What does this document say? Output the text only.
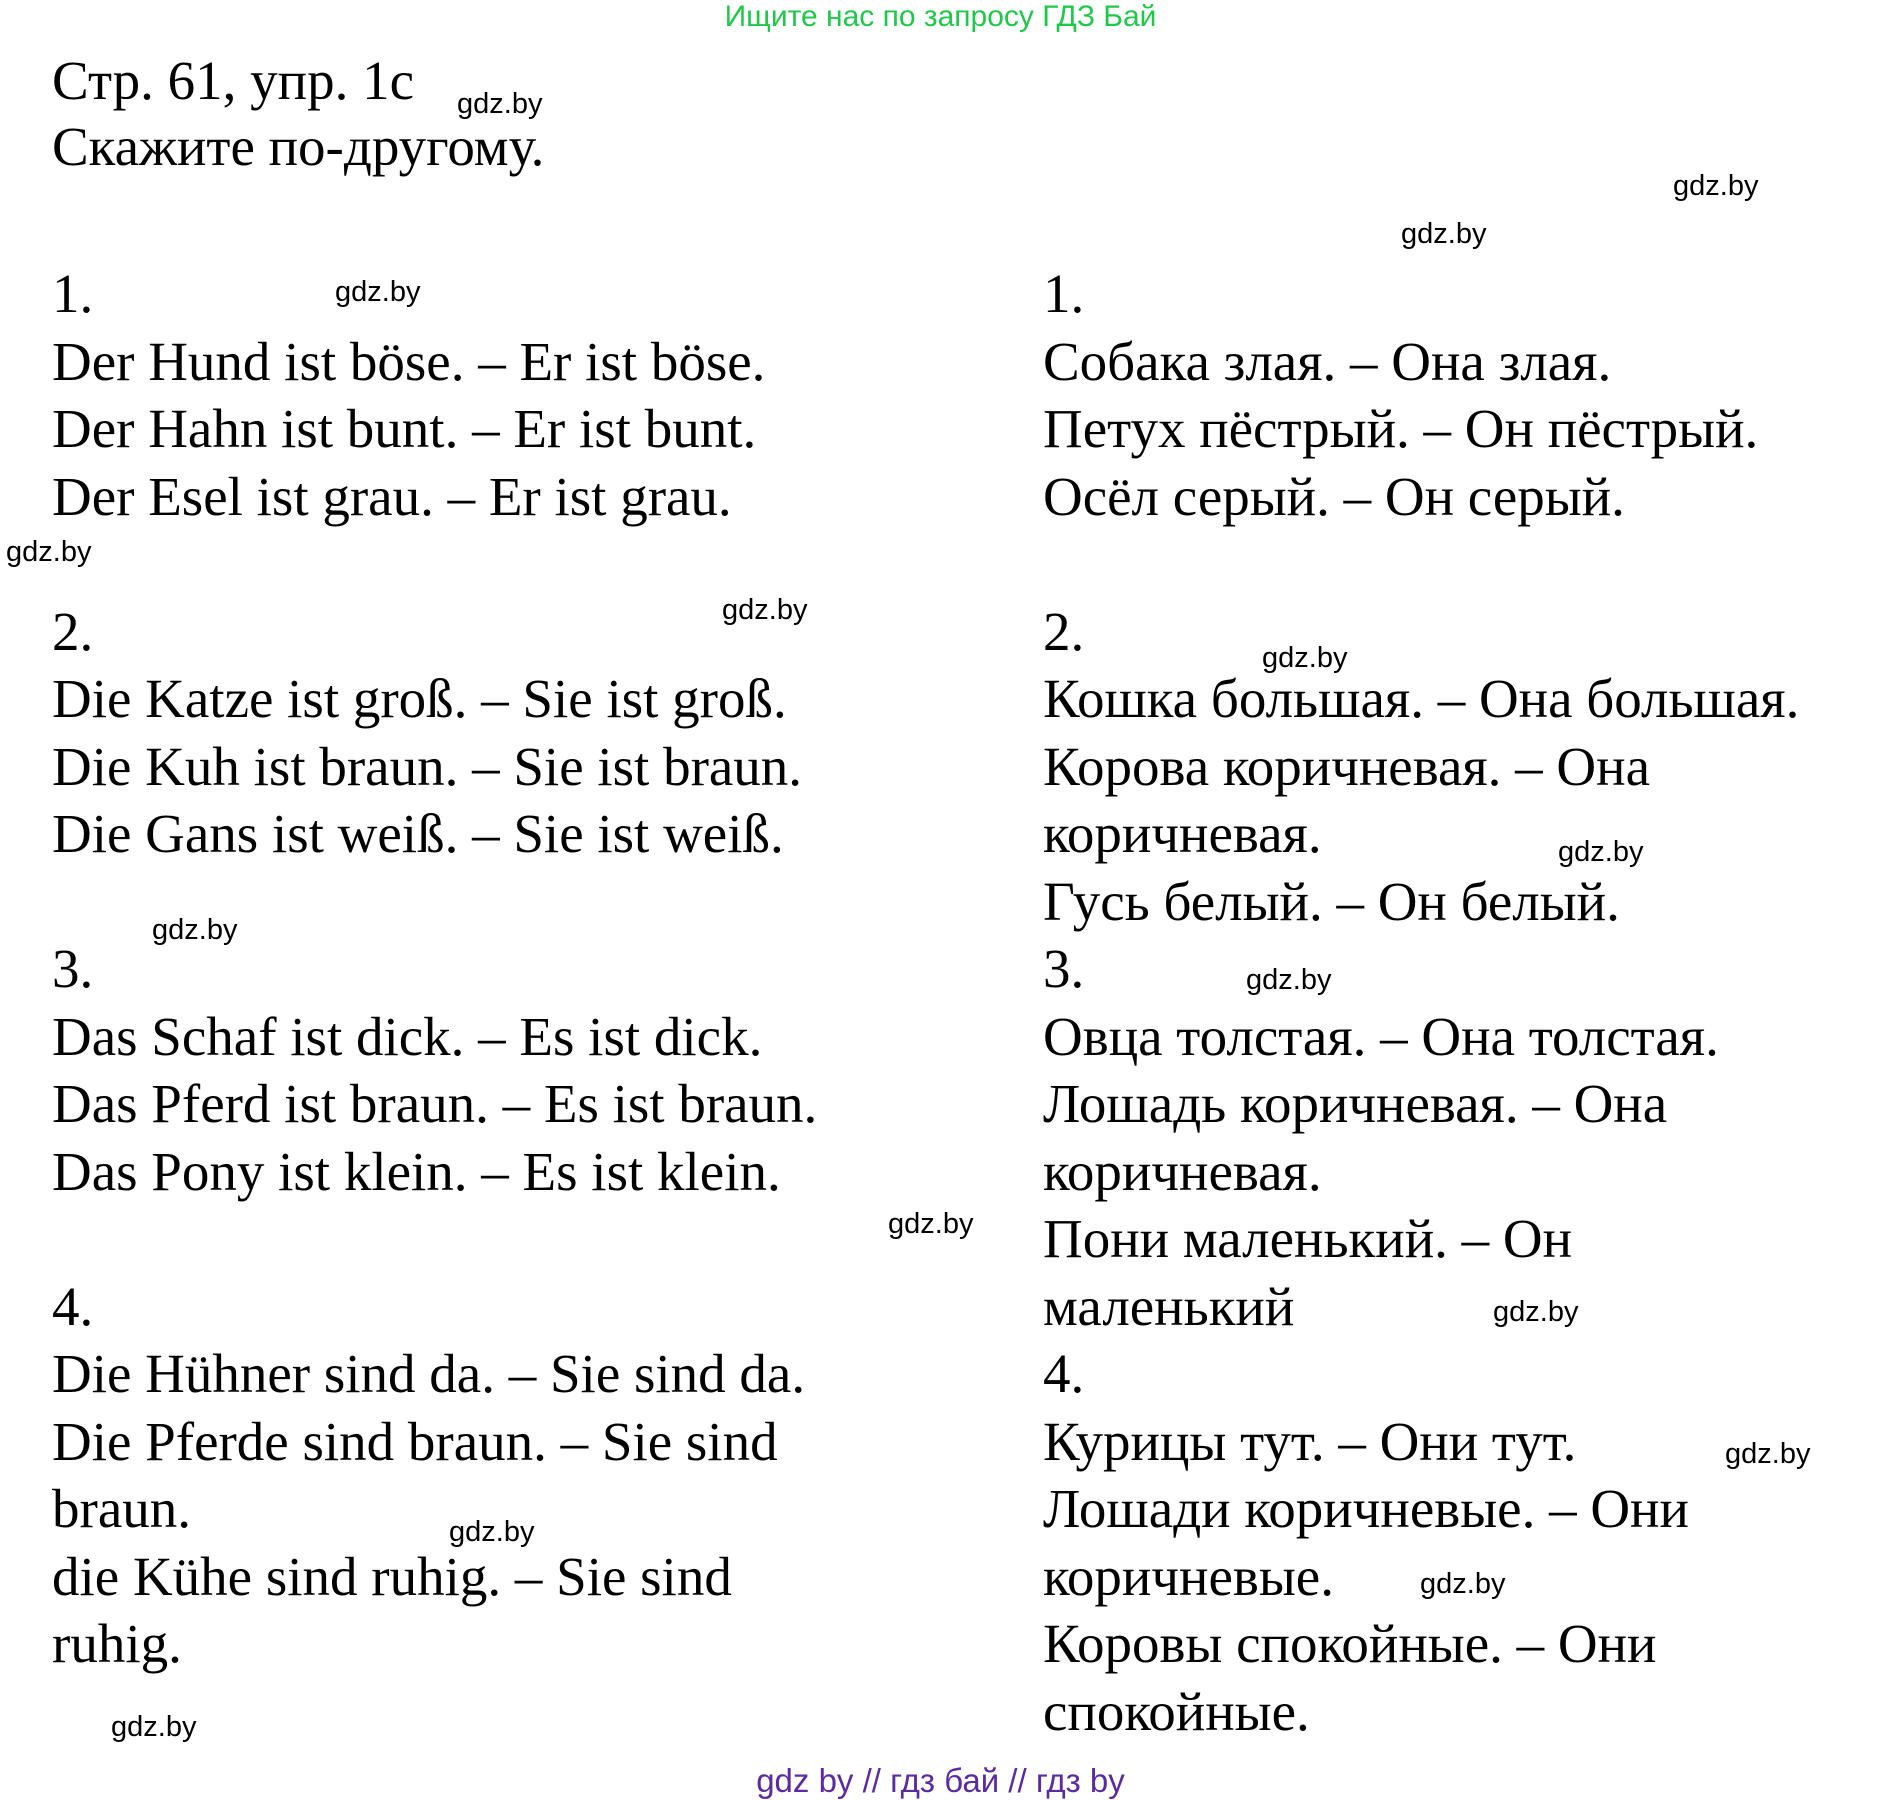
Ищите нас по запросу ГДЗ Бай
Стр. 61, упр. 1с
Скажите по-другому.
1.
Der Hund ist böse. – Er ist böse.
Der Hahn ist bunt. – Er ist bunt.
Der Esel ist grau. – Er ist grau.
2.
Die Katze ist groß. – Sie ist groß.
Die Kuh ist braun. – Sie ist braun.
Die Gans ist weiß. – Sie ist weiß.
3.
Das Schaf ist dick. – Es ist dick.
Das Pferd ist braun. – Es ist braun.
Das Pony ist klein. – Es ist klein.
4.
Die Hühner sind da. – Sie sind da.
Die Pferde sind braun. – Sie sind
braun.
die Kühe sind ruhig. – Sie sind
ruhig.
1.
Собака злая. – Она злая.
Петух пёстрый. – Он пёстрый.
Осёл серый. – Он серый.
2.
Кошка большая. – Она большая.
Корова коричневая. – Она
коричневая.
Гусь белый. – Он белый.
3.
Овца толстая. – Она толстая.
Лошадь коричневая. – Она
коричневая.
Пони маленький. – Он
маленький
4.
Курицы тут. – Они тут.
Лошади коричневые. – Они
коричневые.
Коровы спокойные. – Они
спокойные.
gdz.by
gdz.by
gdz.by
gdz.by
gdz.by
gdz.by
gdz.by
gdz.by
gdz.by
gdz.by
gdz.by
gdz.by
gdz.by
gdz.by
gdz.by
gdz.by
gdz by // гдз бай // гдз by
